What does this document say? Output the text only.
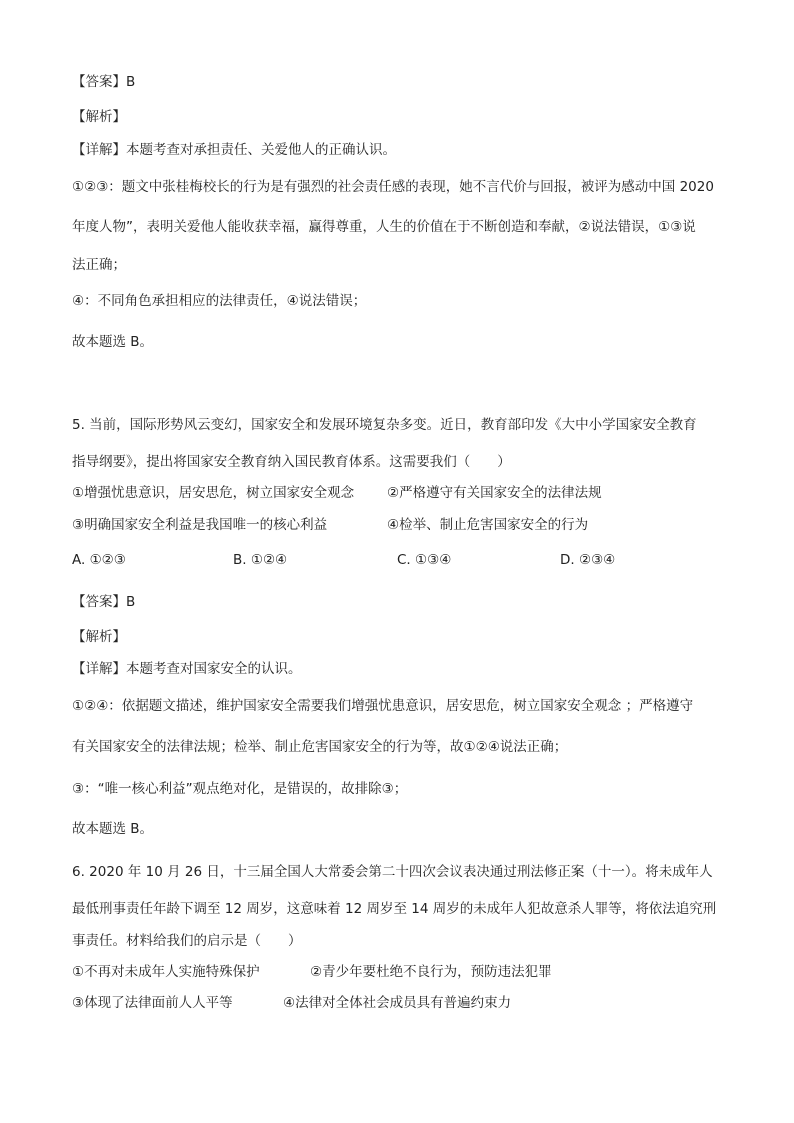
【答案】B
【解析】
【详解】本题考查对承担责任、关爱他人的正确认识。
①②③：题文中张桂梅校长的行为是有强烈的社会责任感的表现，她不言代价与回报，被评为感动中国 2020
年度人物”，表明关爱他人能收获幸福，赢得尊重，人生的价值在于不断创造和奉献，②说法错误，①③说
法正确；
④：不同角色承担相应的法律责任，④说法错误；
故本题选 B。
5. 当前，国际形势风云变幻，国家安全和发展环境复杂多变。近日，教育部印发《大中小学国家安全教育
指导纲要》，提出将国家安全教育纳入国民教育体系。这需要我们（　　）
①增强忧患意识，居安思危，树立国家安全观念 ②严格遵守有关国家安全的法律法规
③明确国家安全利益是我国唯一的核心利益	④检举、制止危害国家安全的行为
A. ①②③	B. ①②④	C. ①③④	D. ②③④
【答案】B
【解析】
【详解】本题考查对国家安全的认识。
①②④：依据题文描述，维护国家安全需要我们增强忧患意识，居安思危，树立国家安全观念 ；严格遵守
有关国家安全的法律法规；检举、制止危害国家安全的行为等，故①②④说法正确；
③：“唯一核心利益”观点绝对化，是错误的，故排除③；
故本题选 B。
6. 2020 年 10 月 26 日，十三届全国人大常委会第二十四次会议表决通过刑法修正案（十一）。将未成年人
最低刑事责任年龄下调至 12 周岁，这意味着 12 周岁至 14 周岁的未成年人犯故意杀人罪等，将依法追究刑
事责任。材料给我们的启示是（　　）
①不再对未成年人实施特殊保护	②青少年要杜绝不良行为，预防违法犯罪
③体现了法律面前人人平等	④法律对全体社会成员具有普遍约束力
